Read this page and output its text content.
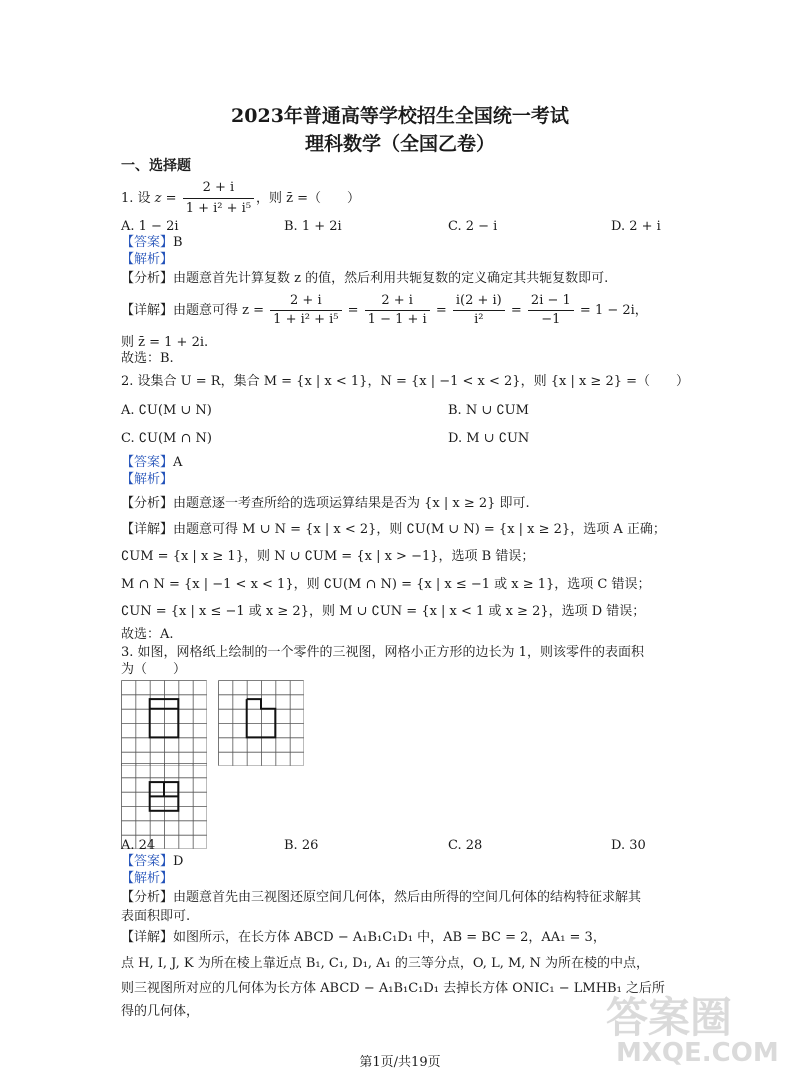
2023年普通高等学校招生全国统一考试
理科数学（全国乙卷）
一、选择题
1. 设 $z = \frac{2 + i}{\text{1 + i² + i⁵}}$ ，则 z̄ =（　　）
A. 1 − 2i	B. 1 + 2i	C. 2 − i	D. 2 + i
【答案】B
【解析】
【分析】由题意首先计算复数 z 的值，然后利用共轭复数的定义确定其共轭复数即可.
【详解】由题意可得 $z = \frac{2 + i}{\text{1 + i² + i⁵}} = \frac{2 + i}{1 - 1 + i} = \frac{i(2 + i)}{\text{i²}} = \frac{2i - 1}{-1} = 1 - 2i$，
则 z̄ = 1 + 2i.
故选：B.
2. 设集合 U = R，集合 M = {x | x < 1}，N = {x | −1 < x < 2}，则 {x | x ≥ 2} =（　　）
A. ∁U(M ∪ N)	B. N ∪ ∁UM
C. ∁U(M ∩ N)	D. M ∪ ∁UN
【答案】A
【解析】
【分析】由题意逐一考查所给的选项运算结果是否为 {x | x ≥ 2} 即可.
【详解】由题意可得 M ∪ N = {x | x < 2}，则 ∁U(M ∪ N) = {x | x ≥ 2}，选项 A 正确；
∁UM = {x | x ≥ 1}，则 N ∪ ∁UM = {x | x > −1}，选项 B 错误；
M ∩ N = {x | −1 < x < 1}，则 ∁U(M ∩ N) = {x | x ≤ −1 或 x ≥ 1}，选项 C 错误；
∁UN = {x | x ≤ −1 或 x ≥ 2}，则 M ∪ ∁UN = {x | x < 1 或 x ≥ 2}，选项 D 错误；
故选：A.
3. 如图，网格纸上绘制的一个零件的三视图，网格小正方形的边长为 1，则该零件的表面积
为（　　）
A. 24	B. 26	C. 28	D. 30
【答案】D
【解析】
【分析】由题意首先由三视图还原空间几何体，然后由所得的空间几何体的结构特征求解其
表面积即可.
【详解】如图所示，在长方体 ABCD − A₁B₁C₁D₁ 中，AB = BC = 2，AA₁ = 3，
点 H, I, J, K 为所在棱上靠近点 B₁, C₁, D₁, A₁ 的三等分点，O, L, M, N 为所在棱的中点，
则三视图所对应的几何体为长方体 ABCD − A₁B₁C₁D₁ 去掉长方体 ONIC₁ − LMHB₁ 之后所
得的几何体，	答案圈
MXQE.COM
第1页/共19页
